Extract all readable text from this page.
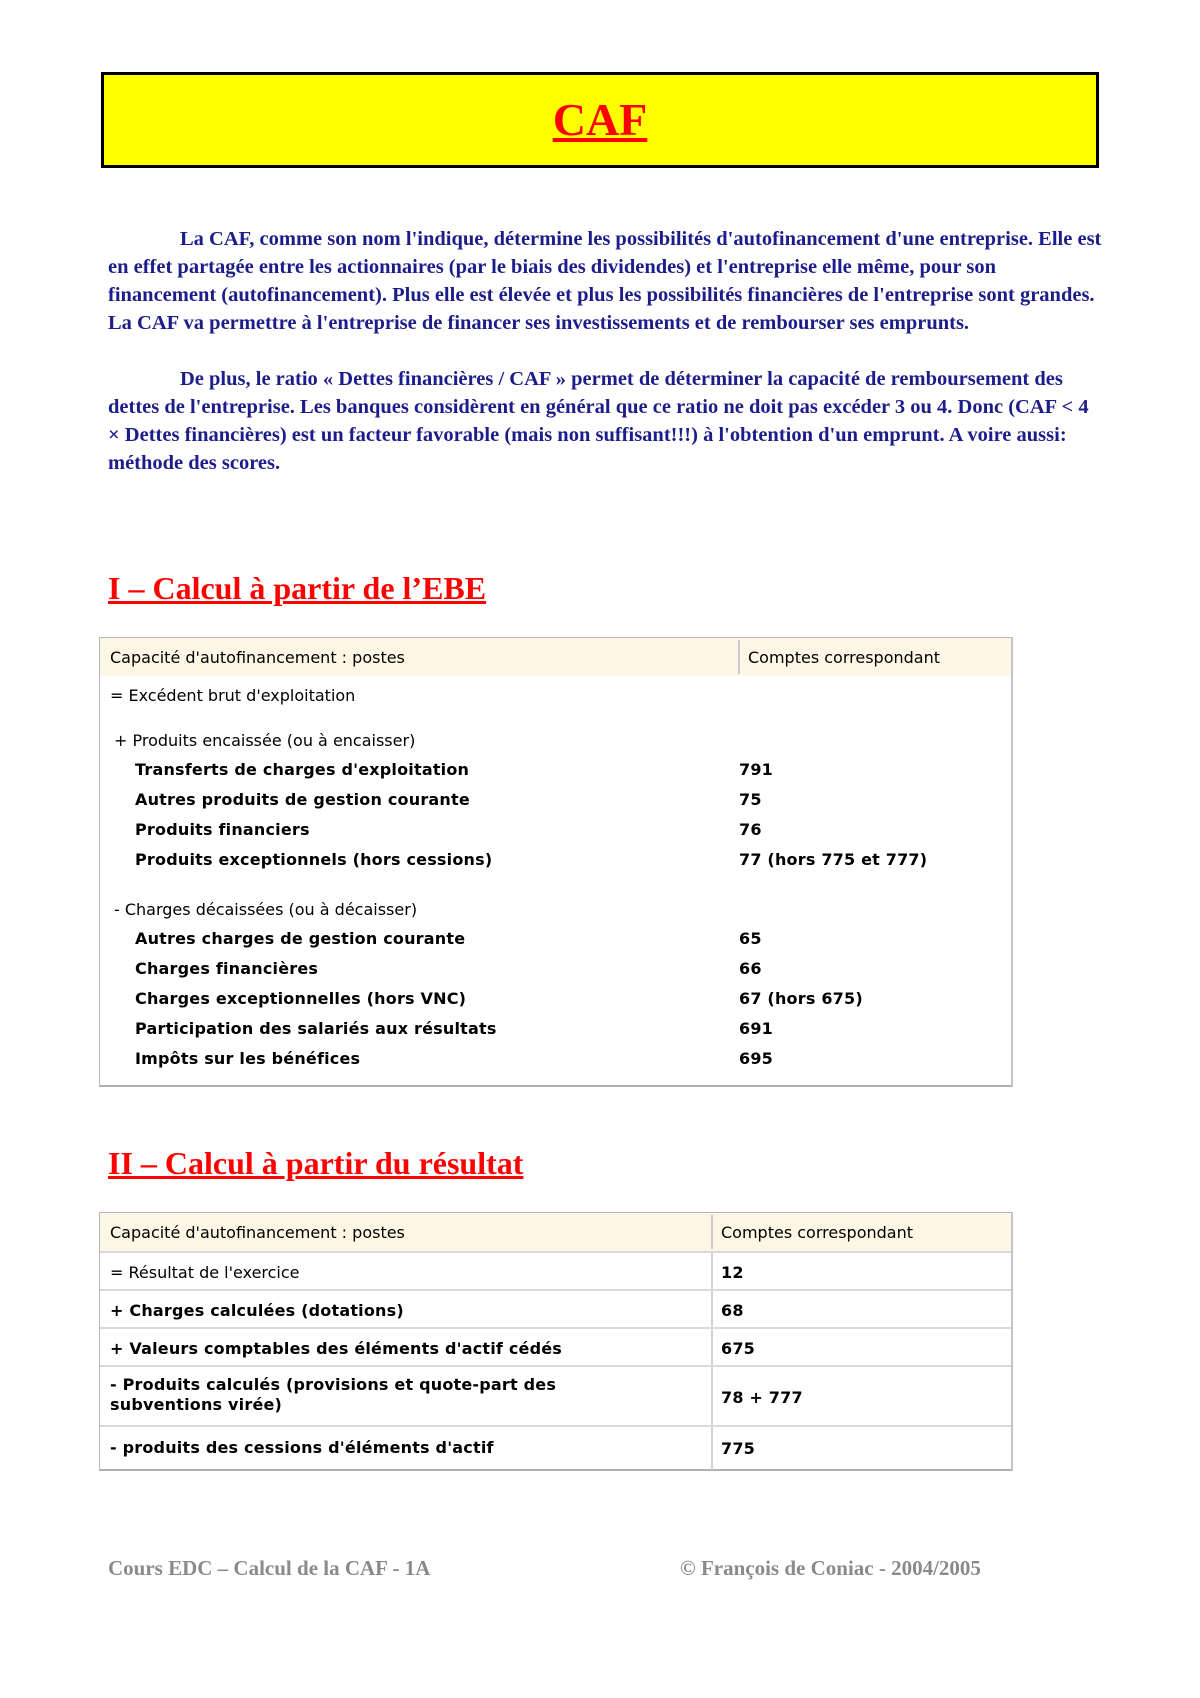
CAF

La CAF, comme son nom l'indique, détermine les possibilités d'autofinancement d'une entreprise. Elle est en effet partagée entre les actionnaires (par le biais des dividendes) et l'entreprise elle même, pour son financement (autofinancement). Plus elle est élevée et plus les possibilités financières de l'entreprise sont grandes. La CAF va permettre à l'entreprise de financer ses investissements et de rembourser ses emprunts.

De plus, le ratio « Dettes financières / CAF » permet de déterminer la capacité de remboursement des dettes de l'entreprise. Les banques considèrent en général que ce ratio ne doit pas excéder 3 ou 4. Donc (CAF < 4 × Dettes financières) est un facteur favorable (mais non suffisant!!!) à l'obtention d'un emprunt. A voire aussi: méthode des scores.

I – Calcul à partir de l’EBE
Capacité d'autofinancement : postes	Comptes correspondant
= Excédent brut d'exploitation
+ Produits encaissée (ou à encaisser)
Transferts de charges d'exploitation	791
Autres produits de gestion courante	75
Produits financiers	76
Produits exceptionnels (hors cessions)	77 (hors 775 et 777)
- Charges décaissées (ou à décaisser)
Autres charges de gestion courante	65
Charges financières	66
Charges exceptionnelles (hors VNC)	67 (hors 675)
Participation des salariés aux résultats	691
Impôts sur les bénéfices	695
II – Calcul à partir du résultat
Capacité d'autofinancement : postes	Comptes correspondant
= Résultat de l'exercice	12
+ Charges calculées (dotations)	68
+ Valeurs comptables des éléments d'actif cédés	675
- Produits calculés (provisions et quote-part des subventions virée)	78 + 777
- produits des cessions d'éléments d'actif	775
Cours EDC – Calcul de la CAF - 1A	© François de Coniac - 2004/2005
